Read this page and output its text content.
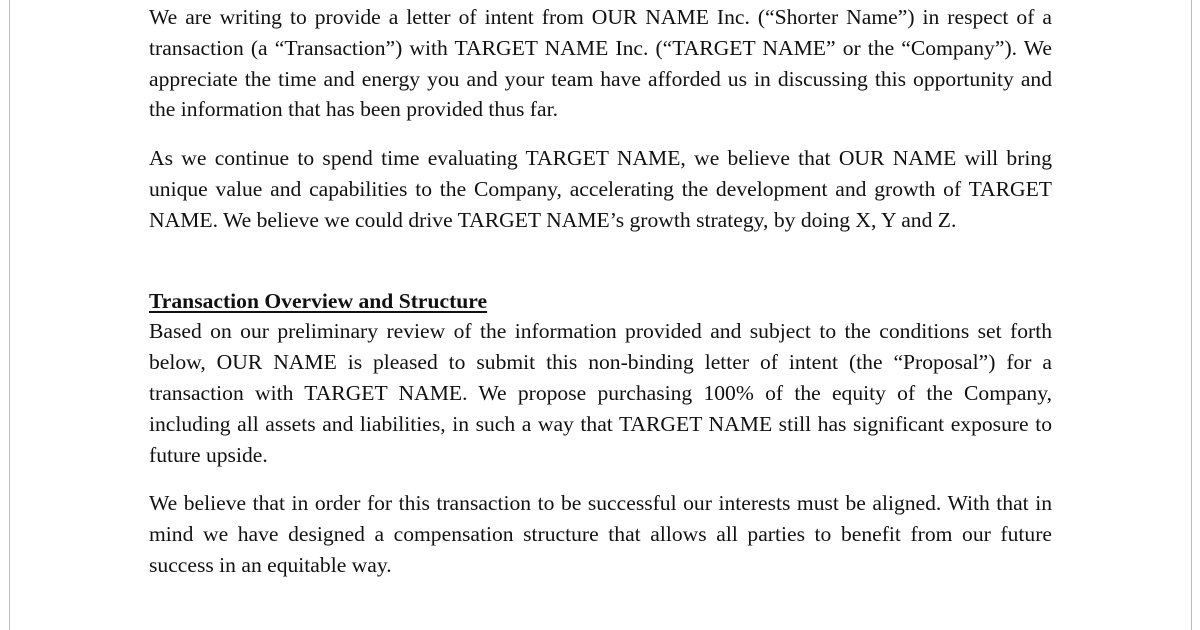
We are writing to provide a letter of intent from OUR NAME Inc. (“Shorter Name”) in respect of a transaction (a “Transaction”) with TARGET NAME Inc. (“TARGET NAME” or the “Company”). We appreciate the time and energy you and your team have afforded us in discussing this opportunity and the information that has been provided thus far.

As we continue to spend time evaluating TARGET NAME, we believe that OUR NAME will bring unique value and capabilities to the Company, accelerating the development and growth of TARGET NAME. We believe we could drive TARGET NAME’s growth strategy, by doing X, Y and Z.

Transaction Overview and Structure

Based on our preliminary review of the information provided and subject to the conditions set forth below, OUR NAME is pleased to submit this non-binding letter of intent (the “Proposal”) for a transaction with TARGET NAME. We propose purchasing 100% of the equity of the Company, including all assets and liabilities, in such a way that TARGET NAME still has significant exposure to future upside.

We believe that in order for this transaction to be successful our interests must be aligned. With that in mind we have designed a compensation structure that allows all parties to benefit from our future success in an equitable way.
